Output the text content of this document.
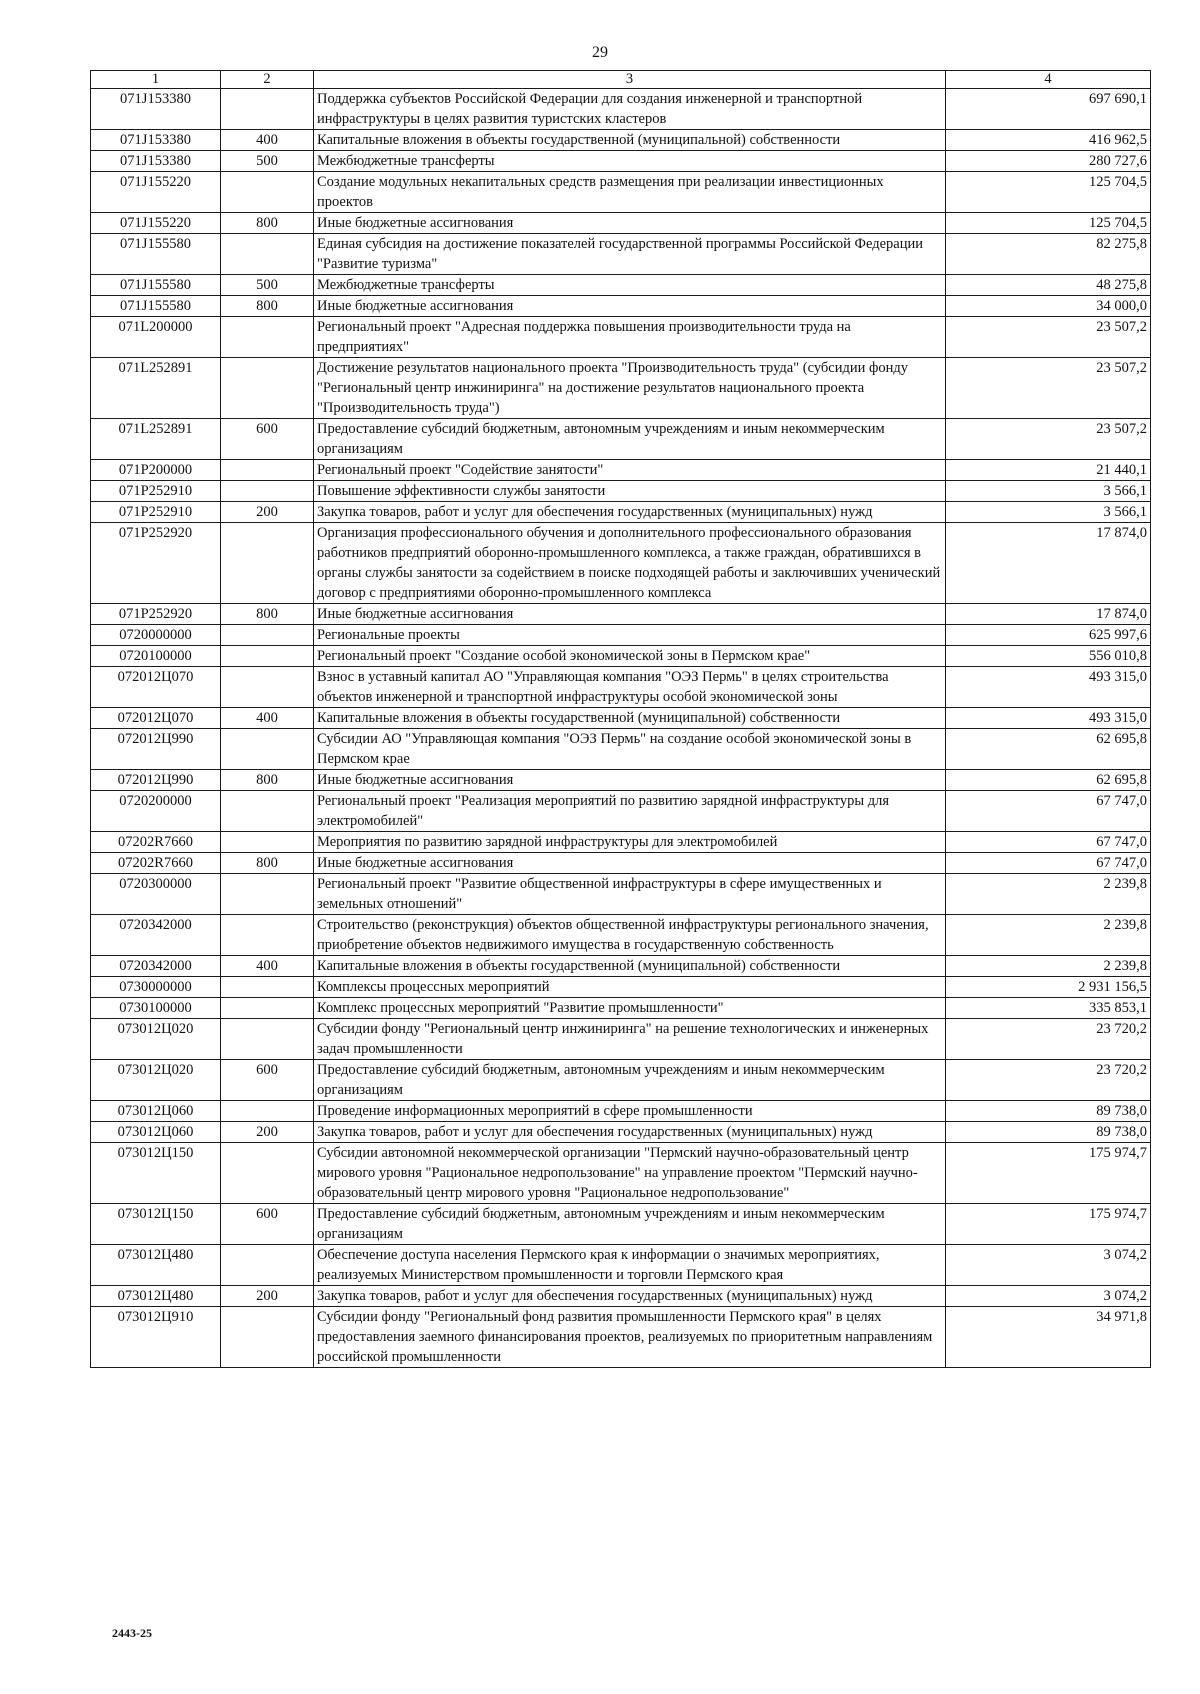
29
1	2	3	4
071J153380		Поддержка субъектов Российской Федерации для создания инженерной и транспортной инфраструктуры в целях развития туристских кластеров	697 690,1
071J153380	400	Капитальные вложения в объекты государственной (муниципальной) собственности	416 962,5
071J153380	500	Межбюджетные трансферты	280 727,6
071J155220		Создание модульных некапитальных средств размещения при реализации инвестиционных проектов	125 704,5
071J155220	800	Иные бюджетные ассигнования	125 704,5
071J155580		Единая субсидия на достижение показателей государственной программы Российской Федерации "Развитие туризма"	82 275,8
071J155580	500	Межбюджетные трансферты	48 275,8
071J155580	800	Иные бюджетные ассигнования	34 000,0
071L200000		Региональный проект "Адресная поддержка повышения производительности труда на предприятиях"	23 507,2
071L252891		Достижение результатов национального проекта "Производительность труда" (субсидии фонду "Региональный центр инжиниринга" на достижение результатов национального проекта "Производительность труда")	23 507,2
071L252891	600	Предоставление субсидий бюджетным, автономным учреждениям и иным некоммерческим организациям	23 507,2
071P200000		Региональный проект "Содействие занятости"	21 440,1
071P252910		Повышение эффективности службы занятости	3 566,1
071P252910	200	Закупка товаров, работ и услуг для обеспечения государственных (муниципальных) нужд	3 566,1
071P252920		Организация профессионального обучения и дополнительного профессионального образования работников предприятий оборонно-промышленного комплекса, а также граждан, обратившихся в органы службы занятости за содействием в поиске подходящей работы и заключивших ученический договор с предприятиями оборонно-промышленного комплекса	17 874,0
071P252920	800	Иные бюджетные ассигнования	17 874,0
0720000000		Региональные проекты	625 997,6
0720100000		Региональный проект "Создание особой экономической зоны в Пермском крае"	556 010,8
072012Ц070		Взнос в уставный капитал АО "Управляющая компания "ОЭЗ Пермь" в целях строительства объектов инженерной и транспортной инфраструктуры особой экономической зоны	493 315,0
072012Ц070	400	Капитальные вложения в объекты государственной (муниципальной) собственности	493 315,0
072012Ц990		Субсидии АО "Управляющая компания "ОЭЗ Пермь" на создание особой экономической зоны в Пермском крае	62 695,8
072012Ц990	800	Иные бюджетные ассигнования	62 695,8
0720200000		Региональный проект "Реализация мероприятий по развитию зарядной инфраструктуры для электромобилей"	67 747,0
07202R7660		Мероприятия по развитию зарядной инфраструктуры для электромобилей	67 747,0
07202R7660	800	Иные бюджетные ассигнования	67 747,0
0720300000		Региональный проект "Развитие общественной инфраструктуры в сфере имущественных и земельных отношений"	2 239,8
0720342000		Строительство (реконструкция) объектов общественной инфраструктуры регионального значения, приобретение объектов недвижимого имущества в государственную собственность	2 239,8
0720342000	400	Капитальные вложения в объекты государственной (муниципальной) собственности	2 239,8
0730000000		Комплексы процессных мероприятий	2 931 156,5
0730100000		Комплекс процессных мероприятий "Развитие промышленности"	335 853,1
073012Ц020		Субсидии фонду "Региональный центр инжиниринга" на решение технологических и инженерных задач промышленности	23 720,2
073012Ц020	600	Предоставление субсидий бюджетным, автономным учреждениям и иным некоммерческим организациям	23 720,2
073012Ц060		Проведение информационных мероприятий в сфере промышленности	89 738,0
073012Ц060	200	Закупка товаров, работ и услуг для обеспечения государственных (муниципальных) нужд	89 738,0
073012Ц150		Субсидии автономной некоммерческой организации "Пермский научно-образовательный центр мирового уровня "Рациональное недропользование" на управление проектом "Пермский научно-образовательный центр мирового уровня "Рациональное недропользование"	175 974,7
073012Ц150	600	Предоставление субсидий бюджетным, автономным учреждениям и иным некоммерческим организациям	175 974,7
073012Ц480		Обеспечение доступа населения Пермского края к информации о значимых мероприятиях, реализуемых Министерством промышленности и торговли Пермского края	3 074,2
073012Ц480	200	Закупка товаров, работ и услуг для обеспечения государственных (муниципальных) нужд	3 074,2
073012Ц910		Субсидии фонду "Региональный фонд развития промышленности Пермского края" в целях предоставления заемного финансирования проектов, реализуемых по приоритетным направлениям российской промышленности	34 971,8
2443-25
